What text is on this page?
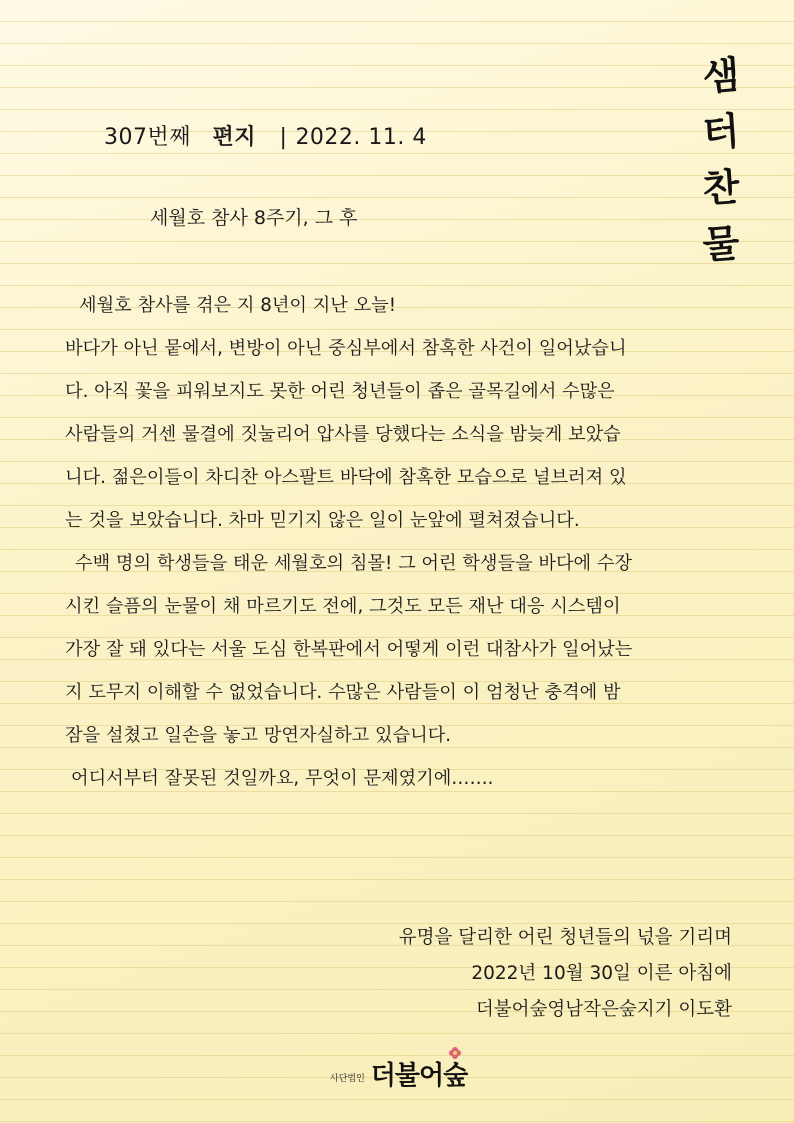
307번째 편지 | 2022. 11. 4
세월호 참사 8주기, 그 후
샘
터
찬
물
세월호 참사를 겪은 지 8년이 지난 오늘!
바다가 아닌 뭍에서, 변방이 아닌 중심부에서 참혹한 사건이 일어났습니
다. 아직 꽃을 피워보지도 못한 어린 청년들이 좁은 골목길에서 수많은
사람들의 거센 물결에 짓눌리어 압사를 당했다는 소식을 밤늦게 보았습
니다. 젊은이들이 차디찬 아스팔트 바닥에 참혹한 모습으로 널브러져 있
는 것을 보았습니다. 차마 믿기지 않은 일이 눈앞에 펼쳐졌습니다.
수백 명의 학생들을 태운 세월호의 침몰! 그 어린 학생들을 바다에 수장
시킨 슬픔의 눈물이 채 마르기도 전에, 그것도 모든 재난 대응 시스템이
가장 잘 돼 있다는 서울 도심 한복판에서 어떻게 이런 대참사가 일어났는
지 도무지 이해할 수 없었습니다. 수많은 사람들이 이 엄청난 충격에 밤
잠을 설쳤고 일손을 놓고 망연자실하고 있습니다.
어디서부터 잘못된 것일까요, 무엇이 문제였기에…….
유명을 달리한 어린 청년들의 넋을 기리며
2022년 10월 30일 이른 아침에
더불어숲영남작은숲지기 이도환
사단법인 더불어숲
